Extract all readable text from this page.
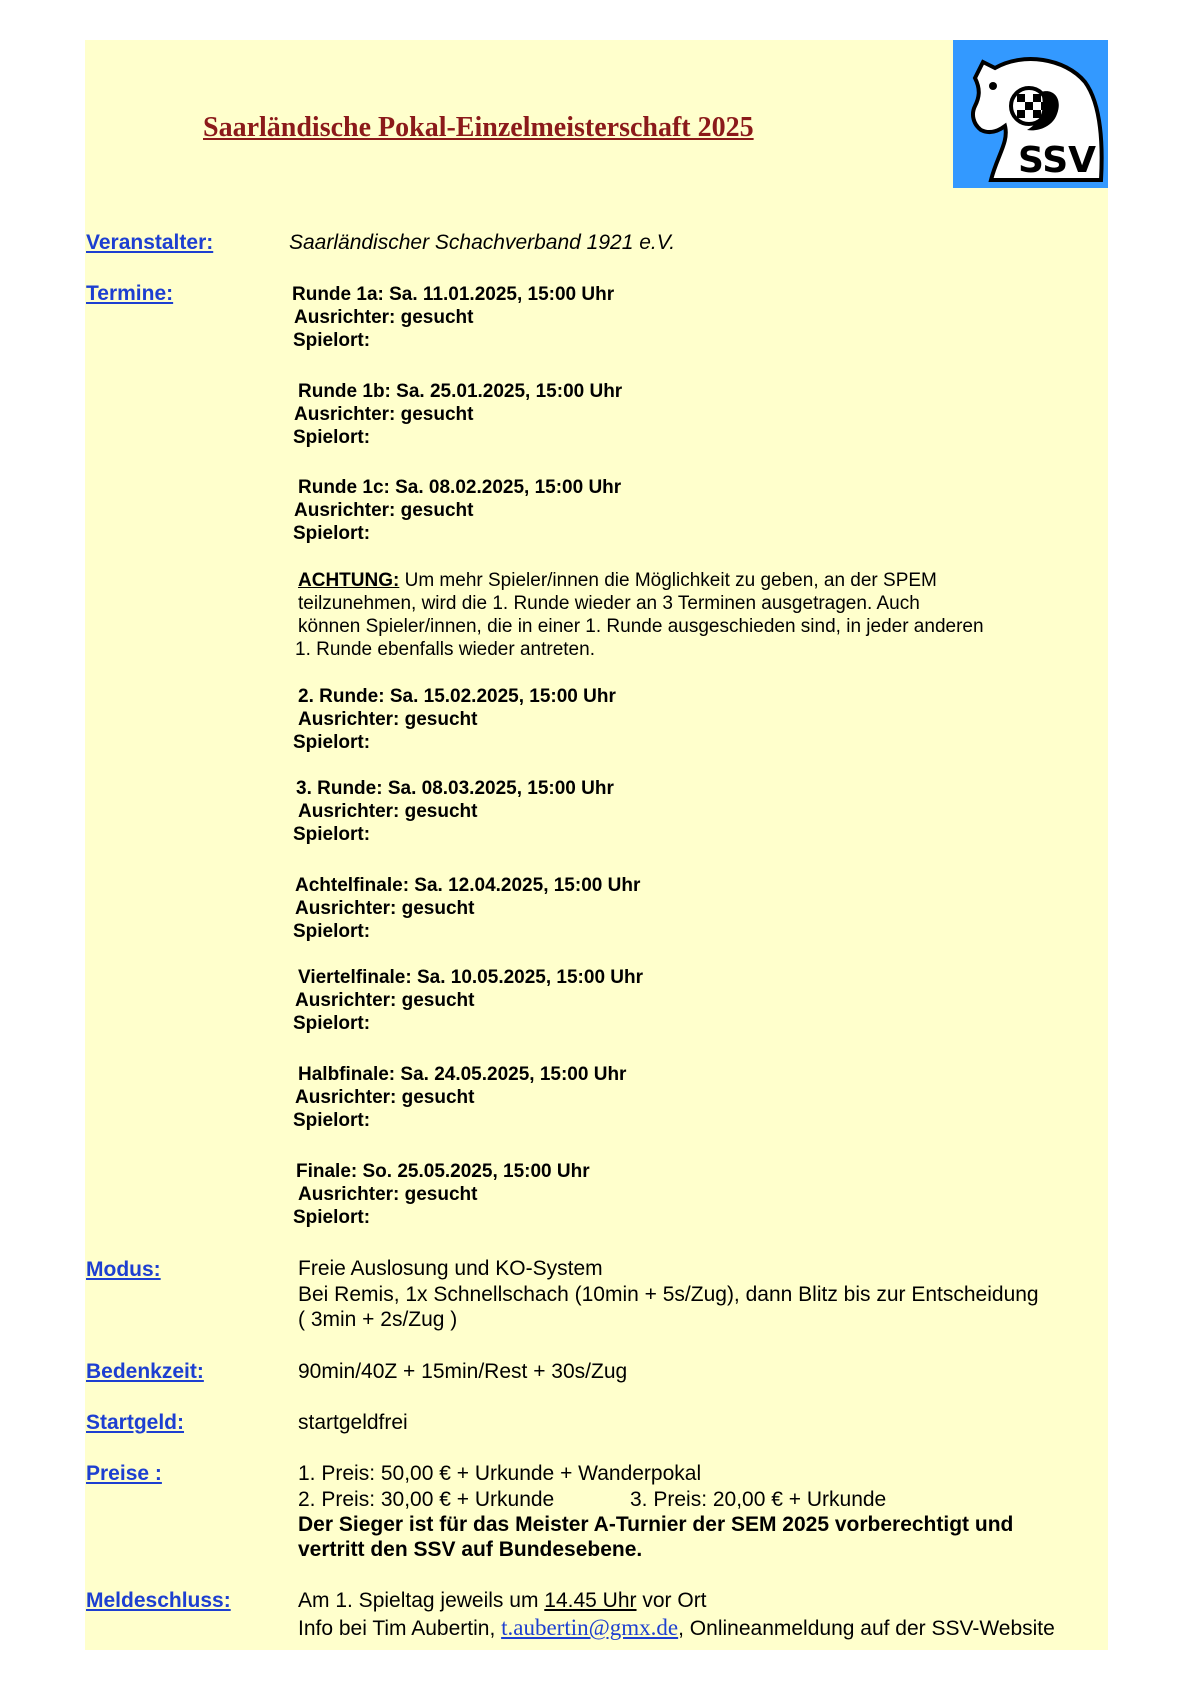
SSV
Saarländische Pokal-Einzelmeisterschaft 2025
Veranstalter:	Saarländischer Schachverband 1921 e.V.
Termine:	Runde 1a: Sa. 11.01.2025, 15:00 Uhr
Ausrichter: gesucht
Spielort:
Runde 1b: Sa. 25.01.2025, 15:00 Uhr
Ausrichter: gesucht
Spielort:
Runde 1c: Sa. 08.02.2025, 15:00 Uhr
Ausrichter: gesucht
Spielort:
ACHTUNG: Um mehr Spieler/innen die Möglichkeit zu geben, an der SPEM
teilzunehmen, wird die 1. Runde wieder an 3 Terminen ausgetragen. Auch
können Spieler/innen, die in einer 1. Runde ausgeschieden sind, in jeder anderen
1. Runde ebenfalls wieder antreten.
2. Runde: Sa. 15.02.2025, 15:00 Uhr
Ausrichter: gesucht
Spielort:
3. Runde: Sa. 08.03.2025, 15:00 Uhr
Ausrichter: gesucht
Spielort:
Achtelfinale: Sa. 12.04.2025, 15:00 Uhr
Ausrichter: gesucht
Spielort:
Viertelfinale: Sa. 10.05.2025, 15:00 Uhr
Ausrichter: gesucht
Spielort:
Halbfinale: Sa. 24.05.2025, 15:00 Uhr
Ausrichter: gesucht
Spielort:
Finale: So. 25.05.2025, 15:00 Uhr
Ausrichter: gesucht
Spielort:
Modus:	Freie Auslosung und KO-System
Bei Remis, 1x Schnellschach (10min + 5s/Zug), dann Blitz bis zur Entscheidung
( 3min + 2s/Zug )
Bedenkzeit:	90min/40Z + 15min/Rest + 30s/Zug
Startgeld:	startgeldfrei
Preise :	1. Preis: 50,00 € + Urkunde + Wanderpokal
2. Preis: 30,00 € + Urkunde	3. Preis: 20,00 € + Urkunde
Der Sieger ist für das Meister A-Turnier der SEM 2025 vorberechtigt und
vertritt den SSV auf Bundesebene.
Meldeschluss:	Am 1. Spieltag jeweils um 14.45 Uhr vor Ort
Info bei Tim Aubertin, t.aubertin@gmx.de, Onlineanmeldung auf der SSV-Website
